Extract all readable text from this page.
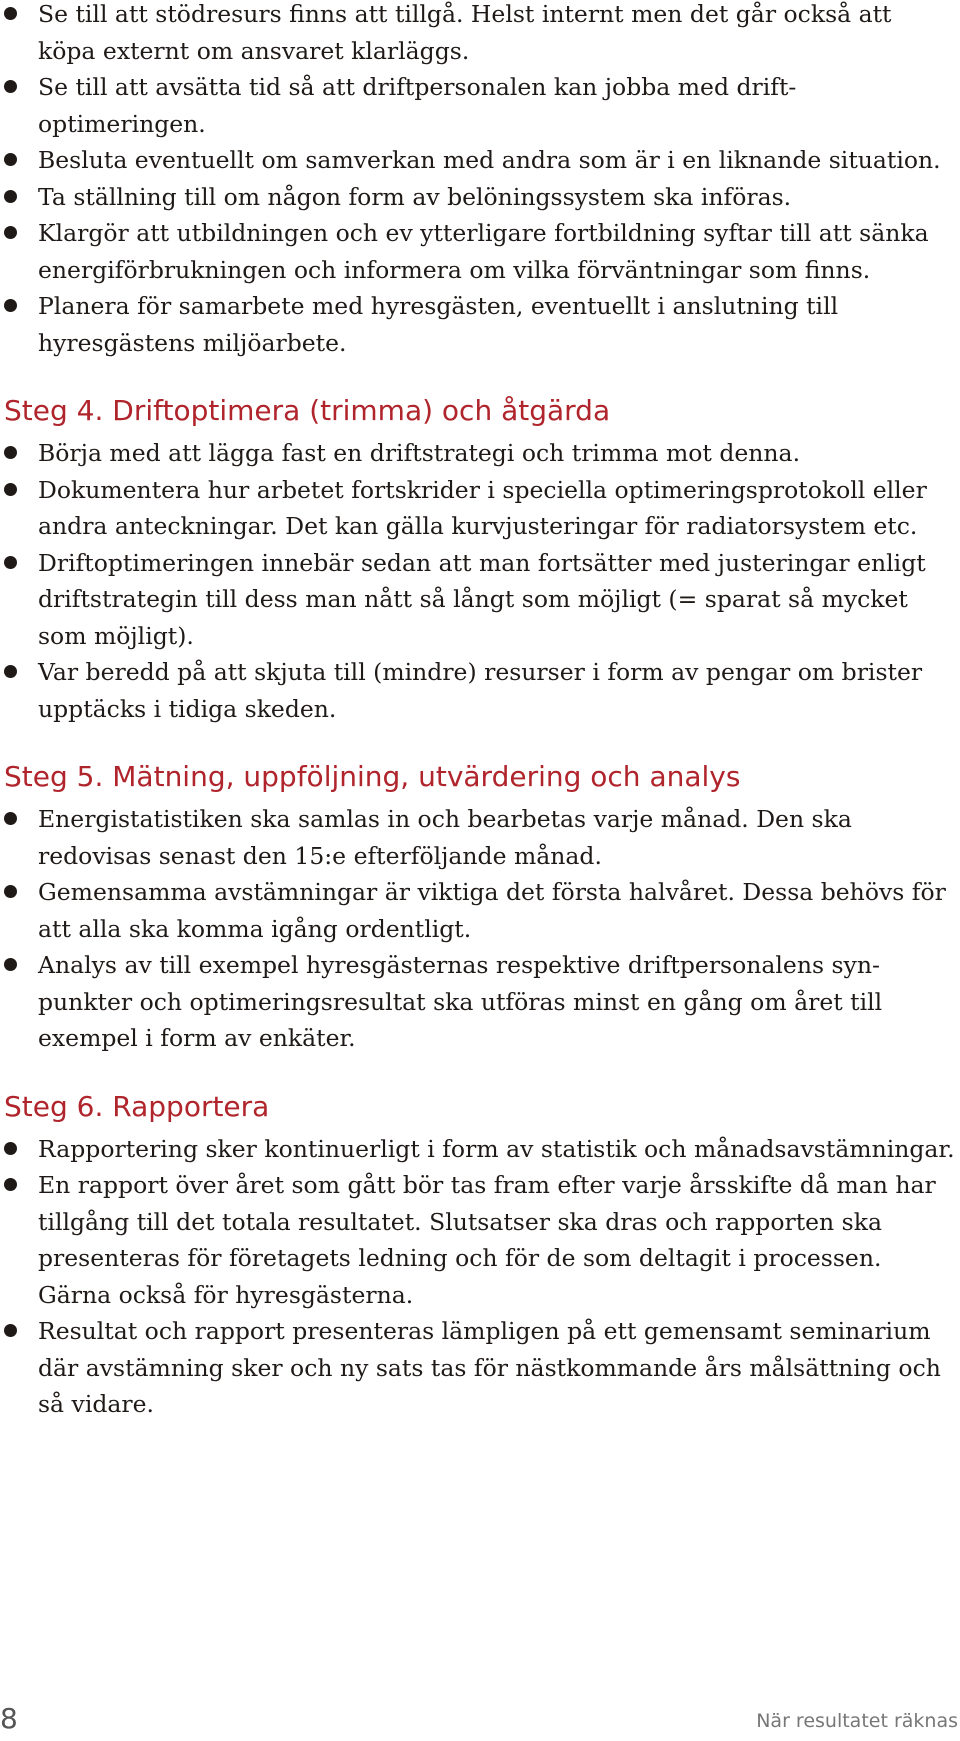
Se till att stödresurs finns att tillgå. Helst internt men det går också att köpa externt om ansvaret klarläggs.
Se till att avsätta tid så att driftpersonalen kan jobba med driftoptimeringen.
Besluta eventuellt om samverkan med andra som är i en liknande situation.
Ta ställning till om någon form av belöningssystem ska införas.
Klargör att utbildningen och ev ytterligare fortbildning syftar till att sänka energiförbrukningen och informera om vilka förväntningar som finns.
Planera för samarbete med hyresgästen, eventuellt i anslutning till hyresgästens miljöarbete.
Steg 4. Driftoptimera (trimma) och åtgärda
Börja med att lägga fast en driftstrategi och trimma mot denna.
Dokumentera hur arbetet fortskrider i speciella optimeringsprotokoll eller andra anteckningar. Det kan gälla kurvjusteringar för radiatorsystem etc.
Driftoptimeringen innebär sedan att man fortsätter med justeringar enligt driftstrategin till dess man nått så långt som möjligt (= sparat så mycket som möjligt).
Var beredd på att skjuta till (mindre) resurser i form av pengar om brister upptäcks i tidiga skeden.
Steg 5. Mätning, uppföljning, utvärdering och analys
Energistatistiken ska samlas in och bearbetas varje månad. Den ska redovisas senast den 15:e efterföljande månad.
Gemensamma avstämningar är viktiga det första halvåret. Dessa behövs för att alla ska komma igång ordentligt.
Analys av till exempel hyresgästernas respektive driftpersonalens synpunkter och optimeringsresultat ska utföras minst en gång om året till exempel i form av enkäter.
Steg 6. Rapportera
Rapportering sker kontinuerligt i form av statistik och månadsavstämningar.
En rapport över året som gått bör tas fram efter varje årsskifte då man har tillgång till det totala resultatet. Slutsatser ska dras och rapporten ska presenteras för företagets ledning och för de som deltagit i processen. Gärna också för hyresgästerna.
Resultat och rapport presenteras lämpligen på ett gemensamt seminarium där avstämning sker och ny sats tas för nästkommande års målsättning och så vidare.
8	När resultatet räknas
